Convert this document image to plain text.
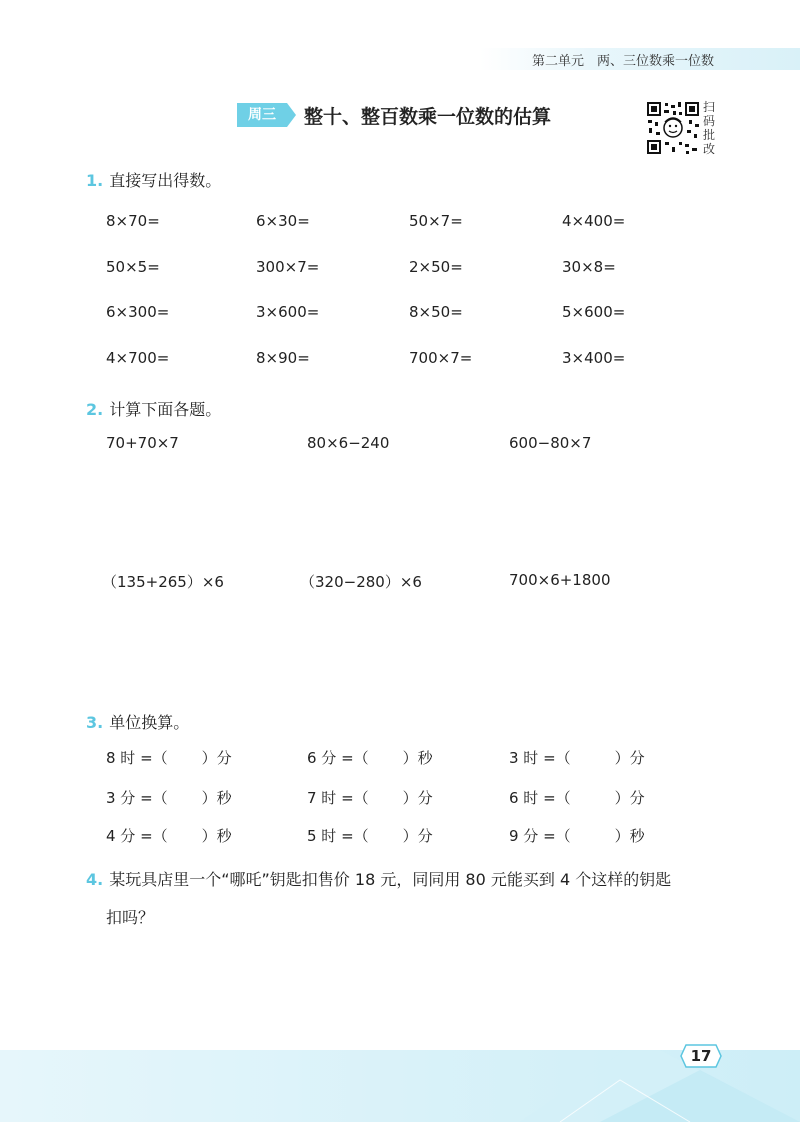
第二单元　两、三位数乘一位数
周三	整十、整百数乘一位数的估算	扫码批改
1. 直接写出得数。
8×70=	6×30=	50×7=	4×400=
50×5=	300×7=	2×50=	30×8=
6×300=	3×600=	8×50=	5×600=
4×700=	8×90=	700×7=	3×400=
2. 计算下面各题。
70+70×7	80×6−240	600−80×7
（135+265）×6	（320−280）×6	700×6+1800
3. 单位换算。
8 时 =（ ）分	6 分 =（ ）秒	3 时 =（	）分
3 分 =（ ）秒	7 时 =（ ）分	6 时 =（	）分
4 分 =（ ）秒	5 时 =（ ）分	9 分 =（	）秒
4. 某玩具店里一个“哪吒”钥匙扣售价 18 元，同同用 80 元能买到 4 个这样的钥匙
扣吗？
17
